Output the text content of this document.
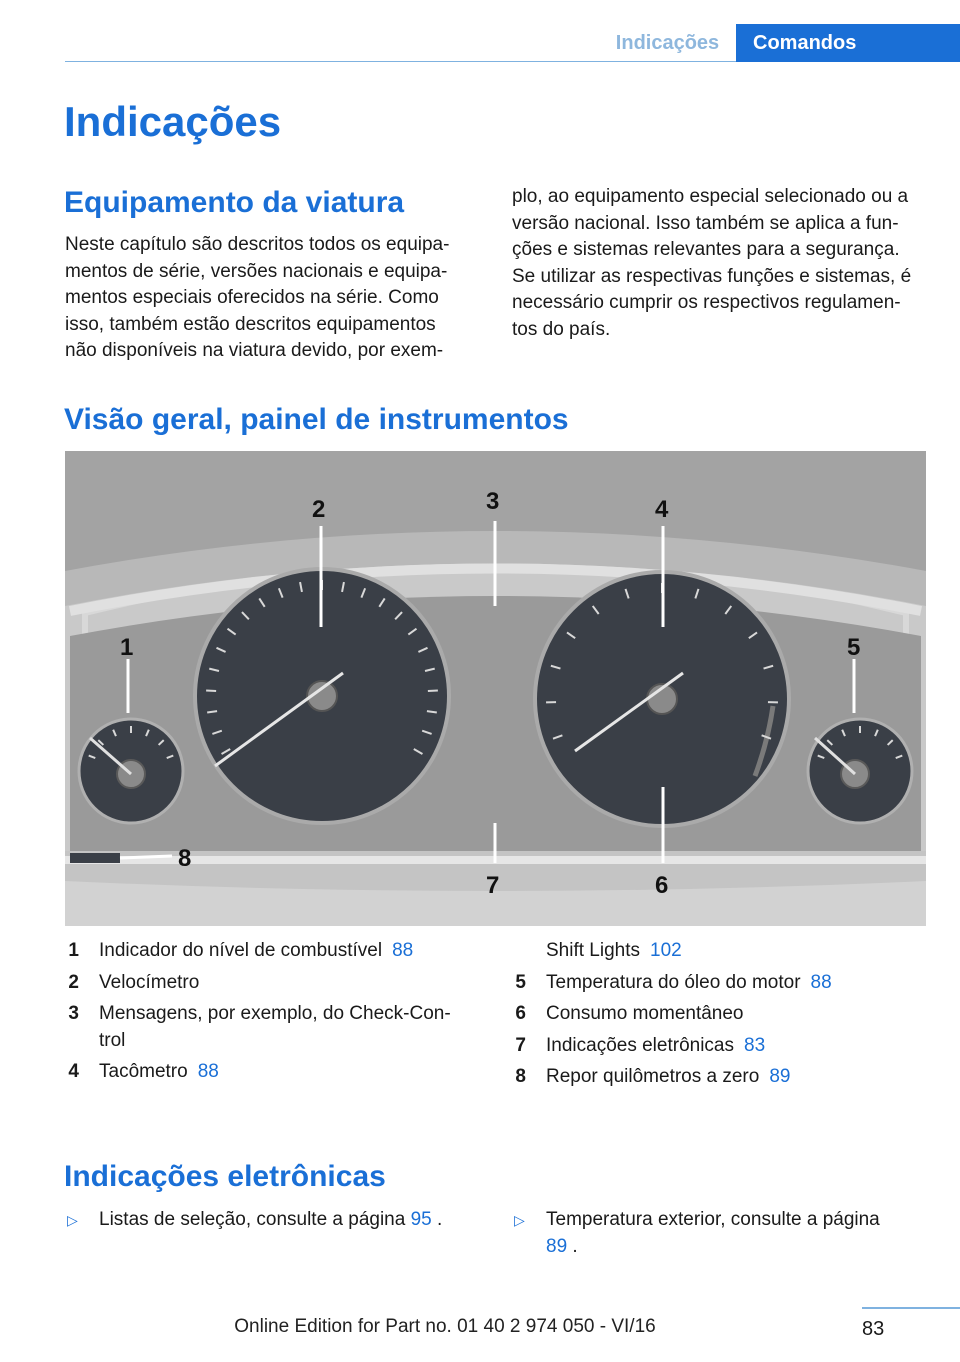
Indicações	Comandos
Indicações
Equipamento da viatura
Neste capítulo são descritos todos os equipa-
mentos de série, versões nacionais e equipa-
mentos especiais oferecidos na série. Como
isso, também estão descritos equipamentos
não disponíveis na viatura devido, por exem-
plo, ao equipamento especial selecionado ou a
versão nacional. Isso também se aplica a fun-
ções e sistemas relevantes para a segurança.
Se utilizar as respectivas funções e sistemas, é
necessário cumprir os respectivos regulamen-
tos do país.
Visão geral, painel de instrumentos
1
2	3	4
5
6
7
8
1 Indicador do nível de combustível 88
2 Velocímetro
3 Mensagens, por exemplo, do Check-Con-
trol
4 Tacômetro 88
Shift Lights 102
5 Temperatura do óleo do motor 88
6 Consumo momentâneo
7 Indicações eletrônicas 83
8 Repor quilômetros a zero 89
Indicações eletrônicas
▷ Listas de seleção, consulte a página 95 .	▷ Temperatura exterior, consulte a página
89 .
83
Online Edition for Part no. 01 40 2 974 050 - VI/16
